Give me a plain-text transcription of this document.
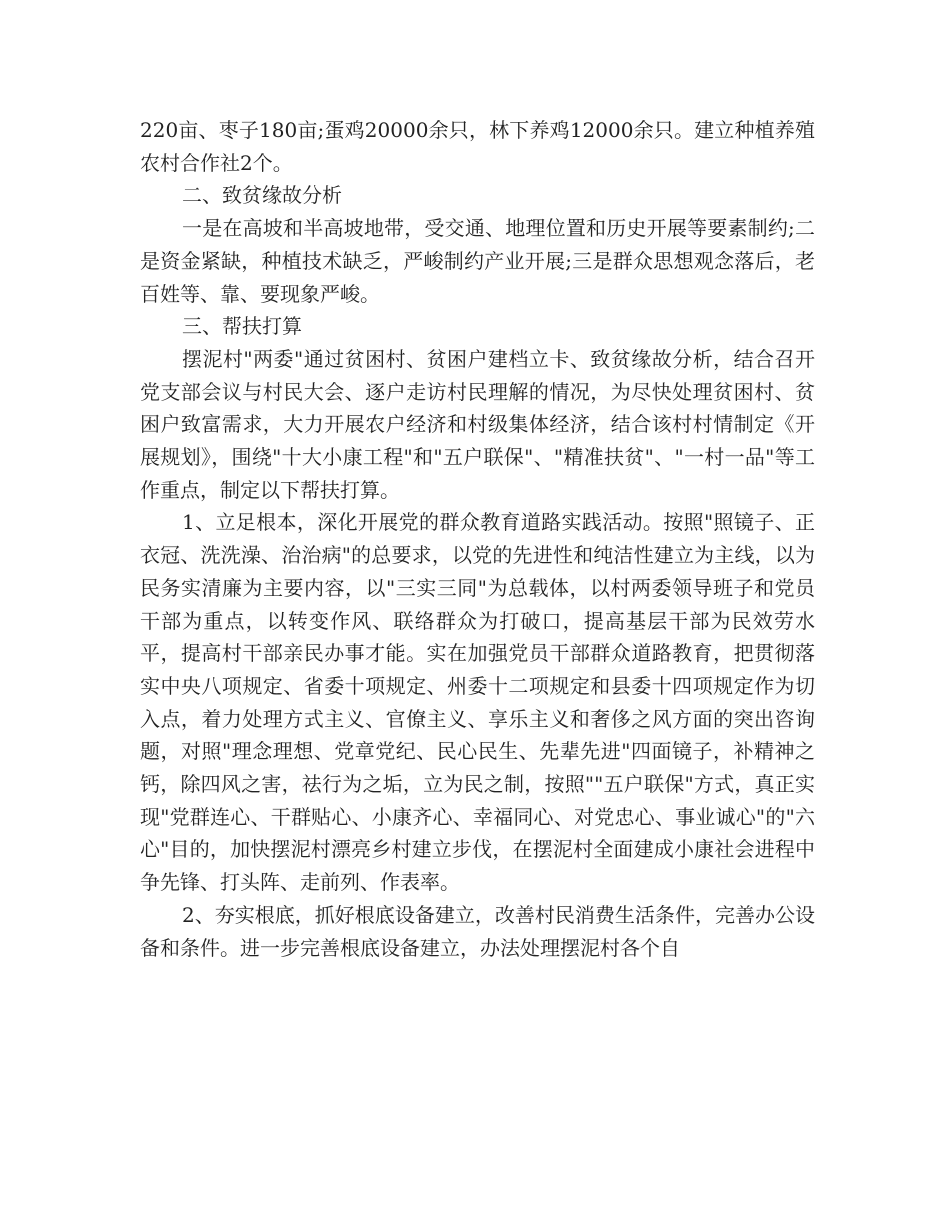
220亩、枣子180亩;蛋鸡20000余只，林下养鸡12000余只。建立种植养殖农村合作社2个。

二、致贫缘故分析

一是在高坡和半高坡地带，受交通、地理位置和历史开展等要素制约;二是资金紧缺，种植技术缺乏，严峻制约产业开展;三是群众思想观念落后，老百姓等、靠、要现象严峻。

三、帮扶打算

摆泥村"两委"通过贫困村、贫困户建档立卡、致贫缘故分析，结合召开党支部会议与村民大会、逐户走访村民理解的情况，为尽快处理贫困村、贫困户致富需求，大力开展农户经济和村级集体经济，结合该村村情制定《开展规划》，围绕"十大小康工程"和"五户联保"、"精准扶贫"、"一村一品"等工作重点，制定以下帮扶打算。

1、立足根本，深化开展党的群众教育道路实践活动。按照"照镜子、正衣冠、洗洗澡、治治病"的总要求，以党的先进性和纯洁性建立为主线，以为民务实清廉为主要内容，以"三实三同"为总载体，以村两委领导班子和党员干部为重点，以转变作风、联络群众为打破口，提高基层干部为民效劳水平，提高村干部亲民办事才能。实在加强党员干部群众道路教育，把贯彻落实中央八项规定、省委十项规定、州委十二项规定和县委十四项规定作为切入点，着力处理方式主义、官僚主义、享乐主义和奢侈之风方面的突出咨询题，对照"理念理想、党章党纪、民心民生、先辈先进"四面镜子，补精神之钙，除四风之害，祛行为之垢，立为民之制，按照""五户联保"方式，真正实现"党群连心、干群贴心、小康齐心、幸福同心、对党忠心、事业诚心"的"六心"目的，加快摆泥村漂亮乡村建立步伐，在摆泥村全面建成小康社会进程中争先锋、打头阵、走前列、作表率。

2、夯实根底，抓好根底设备建立，改善村民消费生活条件，完善办公设备和条件。进一步完善根底设备建立，办法处理摆泥村各个自
